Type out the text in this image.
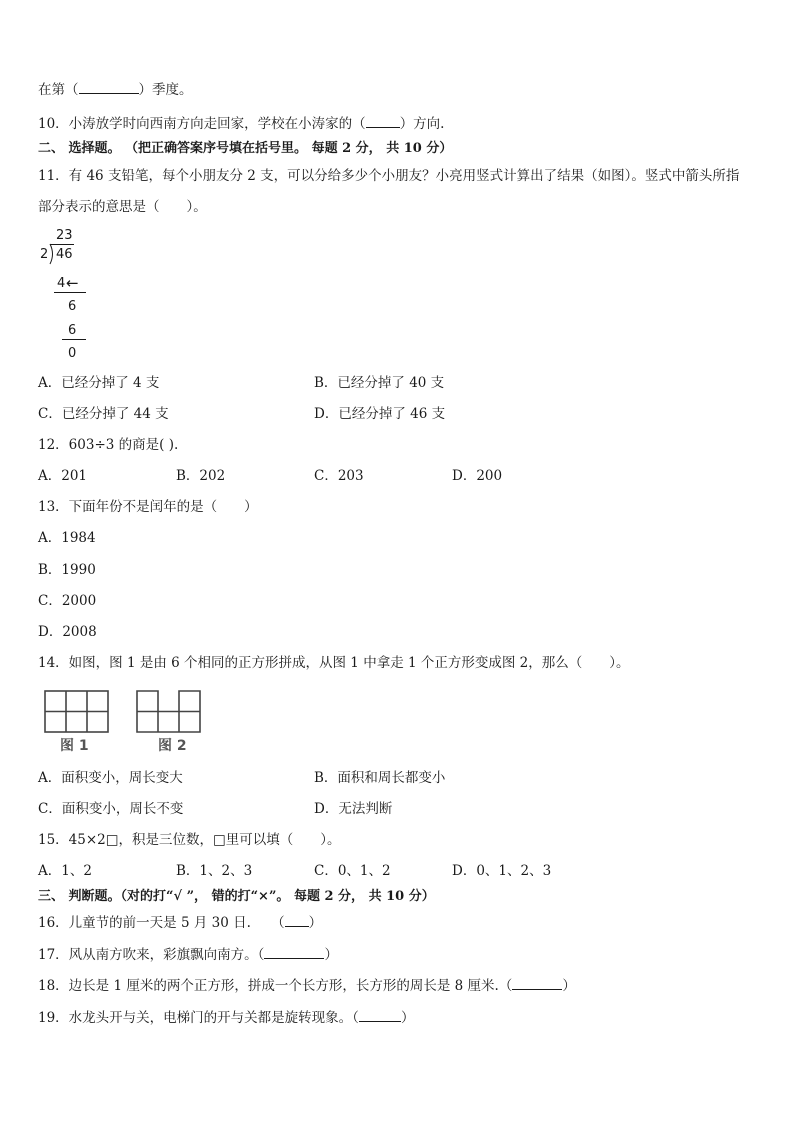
在第（	）季度。
10．小涛放学时向西南方向走回家，学校在小涛家的（	）方向.
二、 选择题。 （把正确答案序号填在括号里。 每题 2 分， 共 10 分）
11．有 46 支铅笔，每个小朋友分 2 支，可以分给多少个小朋友？小亮用竖式计算出了结果（如图）。竖式中箭头所指
部分表示的意思是（　　）。
23
2 46
4 ←
6
6
0
A．已经分掉了 4 支	B．已经分掉了 40 支
C．已经分掉了 44 支	D．已经分掉了 46 支
12．603÷3 的商是( ).
A．201	B．202	C．203	D．200
13．下面年份不是闰年的是（　　）
A．1984
B．1990
C．2000
D．2008
14．如图，图 1 是由 6 个相同的正方形拼成，从图 1 中拿走 1 个正方形变成图 2，那么（　　）。
图 1	图 2
A．面积变小，周长变大	B．面积和周长都变小
C．面积变小，周长不变	D．无法判断
15．45×2□，积是三位数，□里可以填（　　）。
A．1、2	B．1、2、3	C．0、1、2	D．0、1、2、3
三、 判断题。（对的打“√ ”， 错的打“×”。 每题 2 分， 共 10 分）
16．儿童节的前一天是 5 月 30 日.　　（ ）
17．风从南方吹来，彩旗飘向南方。（	）
18．边长是 1 厘米的两个正方形，拼成一个长方形，长方形的周长是 8 厘米.（	）
19．水龙头开与关，电梯门的开与关都是旋转现象。（	）
